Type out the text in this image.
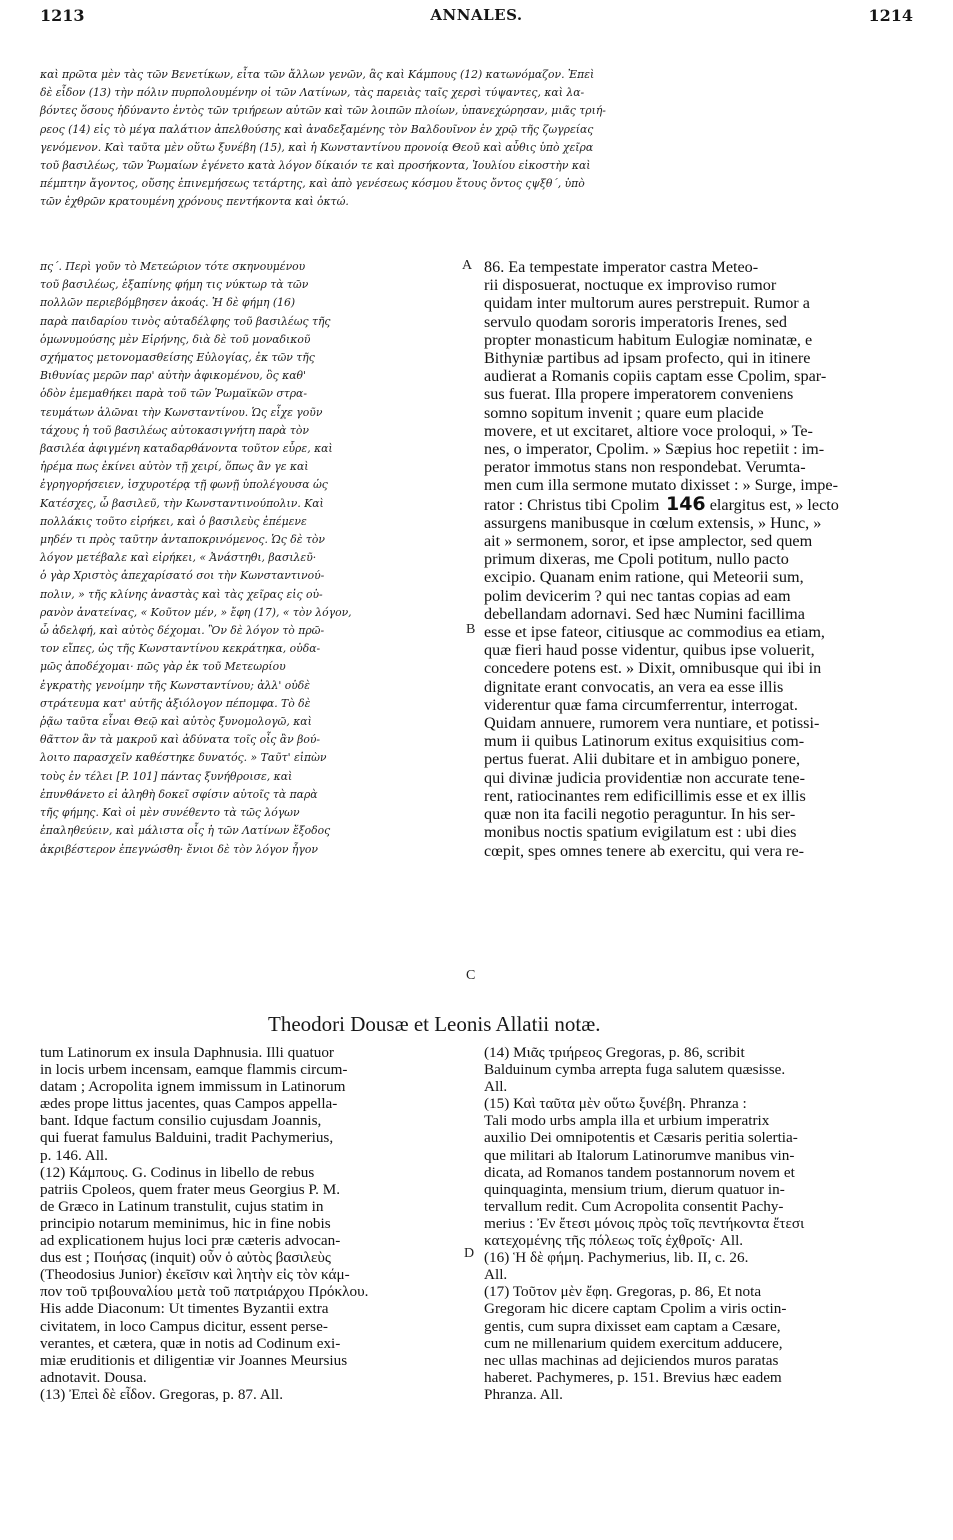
1213	ANNALES.	1214
καὶ πρῶτα μὲν τὰς τῶν Βενετίκων, εἶτα τῶν ἄλλων γενῶν, ἃς καὶ Κάμπους (12) κατωνόμαζον. Ἐπεὶ
δὲ εἶδον (13) τὴν πόλιν πυρπολουμένην οἱ τῶν Λατίνων, τὰς παρειὰς ταῖς χερσὶ τύψαντες, καὶ λα-
βόντες ὅσους ἠδύναντο ἐντὸς τῶν τριήρεων αὐτῶν καὶ τῶν λοιπῶν πλοίων, ὑπανεχώρησαν, μιᾶς τριή-
ρεος (14) εἰς τὸ μέγα παλάτιον ἀπελθούσης καὶ ἀναδεξαμένης τὸν Βαλδουῖνον ἐν χρῷ τῆς ζωγρείας
γενόμενον. Καὶ ταῦτα μὲν οὕτω ξυνέβη (15), καὶ ἡ Κωνσταντίνου προνοίᾳ Θεοῦ καὶ αὖθις ὑπὸ χεῖρα
τοῦ βασιλέως, τῶν Ῥωμαίων ἐγένετο κατὰ λόγον δίκαιόν τε καὶ προσήκοντα, Ἰουλίου εἰκοστὴν καὶ
πέμπτην ἄγοντος, οὔσης ἐπινεμήσεως τετάρτης, καὶ ἀπὸ γενέσεως κόσμου ἔτους ὄντος ςψξθ΄, ὑπὸ
τῶν ἐχθρῶν κρατουμένη χρόνους πεντήκοντα καὶ ὀκτώ.
πς΄. Περὶ γοῦν τὸ Μετεώριον τότε σκηνουμένου
τοῦ βασιλέως, ἐξαπίνης φήμη τις νύκτωρ τὰ τῶν
πολλῶν περιεβόμβησεν ἀκοάς. Ἡ δὲ φήμη (16)
παρὰ παιδαρίου τινὸς αὐταδέλφης τοῦ βασιλέως τῆς
ὁμωνυμούσης μὲν Εἰρήνης, διὰ δὲ τοῦ μοναδικοῦ
σχήματος μετονομασθείσης Εὐλογίας, ἐκ τῶν τῆς
Βιθυνίας μερῶν παρ' αὐτὴν ἀφικομένου, ὃς καθ'
ὁδὸν ἐμεμαθήκει παρὰ τοῦ τῶν Ῥωμαϊκῶν στρα-
τευμάτων ἁλῶναι τὴν Κωνσταντίνου. Ὡς εἶχε γοῦν
τάχους ἡ τοῦ βασιλέως αὐτοκασιγνήτη παρὰ τὸν
βασιλέα ἀφιγμένη καταδαρθάνοντα τοῦτον εὗρε, καὶ
ἠρέμα πως ἐκίνει αὐτὸν τῇ χειρί, ὅπως ἂν γε καὶ
ἐγρηγορήσειεν, ἰσχυροτέρᾳ τῇ φωνῇ ὑπολέγουσα ὡς
Κατέσχες, ὦ βασιλεῦ, τὴν Κωνσταντινούπολιν. Καὶ
πολλάκις τοῦτο εἰρήκει, καὶ ὁ βασιλεὺς ἐπέμενε
μηδέν τι πρὸς ταῦτην ἀνταποκρινόμενος. Ὡς δὲ τὸν
λόγον μετέβαλε καὶ εἰρήκει, « Ἀνάστηθι, βασιλεῦ·
ὁ γὰρ Χριστὸς ἀπεχαρίσατό σοι τὴν Κωνσταντινού-
πολιν, » τῆς κλίνης ἀναστὰς καὶ τὰς χεῖρας εἰς οὐ-
ρανὸν ἀνατείνας, « Κοῦτον μέν, » ἔφη (17), « τὸν λόγον,
ὦ ἀδελφή, καὶ αὐτὸς δέχομαι. Ὃν δὲ λόγον τὸ πρῶ-
τον εἴπες, ὡς τῆς Κωνσταντίνου κεκράτηκα, οὐδα-
μῶς ἀποδέχομαι· πῶς γὰρ ἐκ τοῦ Μετεωρίου
ἐγκρατὴς γενοίμην τῆς Κωνσταντίνου; ἀλλ' οὐδὲ
στράτευμα κατ' αὐτῆς ἀξιόλογον πέπομφα. Τὸ δὲ
ῥᾷω ταῦτα εἶναι Θεῷ καὶ αὐτὸς ξυνομολογῶ, καὶ
θᾶττον ἂν τὰ μακροῦ καὶ ἀδύνατα τοῖς οἷς ἂν βού-
λοιτο παρασχεῖν καθέστηκε δυνατός. » Ταῦτ' εἰπὼν
τοὺς ἐν τέλει [P. 101] πάντας ξυνήθροισε, καὶ
ἐπυνθάνετο εἰ ἀληθὴ δοκεῖ σφίσιν αὐτοῖς τὰ παρὰ
τῆς φήμης. Καὶ οἱ μὲν συνέθεντο τὰ τῶς λόγων
ἐπαληθεύειν, καὶ μάλιστα οἷς ἡ τῶν Λατίνων ἔξοδος
ἀκριβέστερον ἐπεγνώσθη· ἔνιοι δὲ τὸν λόγον ἦγον
86. Ea tempestate imperator castra Meteo-
rii disposuerat, noctuque ex improviso rumor
quidam inter multorum aures perstrepuit. Rumor a
servulo quodam sororis imperatoris Irenes, sed
propter monasticum habitum Eulogiæ nominatæ, e
Bithyniæ partibus ad ipsam profecto, qui in itinere
audierat a Romanis copiis captam esse Cpolim, spar-
sus fuerat. Illa propere imperatorem conveniens
somno sopitum invenit ; quare eum placide
movere, et ut excitaret, altiore voce proloqui, » Te-
nes, o imperator, Cpolim. » Sæpius hoc repetiit : im-
perator immotus stans non respondebat. Verumta-
men cum illa sermone mutato dixisset : » Surge, impe-
rator : Christus tibi Cpolim 146 elargitus est, » lecto
assurgens manibusque in cœlum extensis, » Hunc, »
ait » sermonem, soror, et ipse amplector, sed quem
primum dixeras, me Cpoli potitum, nullo pacto
excipio. Quanam enim ratione, qui Meteorii sum,
polim devicerim ? qui nec tantas copias ad eam
debellandam adornavi. Sed hæc Numini facillima
esse et ipse fateor, citiusque ac commodius ea etiam,
quæ fieri haud posse videntur, quibus ipse voluerit,
concedere potens est. » Dixit, omnibusque qui ibi in
dignitate erant convocatis, an vera ea esse illis
viderentur quæ fama circumferrentur, interrogat.
Quidam annuere, rumorem vera nuntiare, et potissi-
mum ii quibus Latinorum exitus exquisitius com-
pertus fuerat. Alii dubitare et in ambiguo ponere,
qui divinæ judicia providentiæ non accurate tene-
rent, ratiocinantes rem edificillimis esse et ex illis
quæ non ita facili negotio peraguntur. In his ser-
monibus noctis spatium evigilatum est : ubi dies
cœpit, spes omnes tenere ab exercitu, qui vera re-
A
B
C
D
Theodori Dousæ et Leonis Allatii notæ.
tum Latinorum ex insula Daphnusia. Illi quatuor
in locis urbem incensam, eamque flammis circum-
datam ; Acropolita ignem immissum in Latinorum
ædes prope littus jacentes, quas Campos appella-
bant. Idque factum consilio cujusdam Joannis,
qui fuerat famulus Balduini, tradit Pachymerius,
p. 146. All.
(12) Κάμπους. G. Codinus in libello de rebus
patriis Cpoleos, quem frater meus Georgius P. M.
de Græco in Latinum transtulit, cujus statim in
principio notarum meminimus, hic in fine nobis
ad explicationem hujus loci præ cæteris advocan-
dus est ; Ποιήσας (inquit) οὖν ὁ αὐτὸς βασιλεὺς
(Theodosius Junior) ἐκεῖσιν καὶ λητὴν εἰς τὸν κάμ-
πον τοῦ τριβουναλίου μετὰ τοῦ πατριάρχου Πρόκλου.
His adde Diaconum: Ut timentes Byzantii extra
civitatem, in loco Campus dicitur, essent perse-
verantes, et cætera, quæ in notis ad Codinum exi-
miæ eruditionis et diligentiæ vir Joannes Meursius
adnotavit. Dousa.
(13) Ἐπεὶ δὲ εἶδον. Gregoras, p. 87. All.
(14) Μιᾶς τριήρεος Gregoras, p. 86, scribit
Balduinum cymba arrepta fuga salutem quæsisse.
All.
(15) Καὶ ταῦτα μὲν οὕτω ξυνέβη. Phranza :
Tali modo urbs ampla illa et urbium imperatrix
auxilio Dei omnipotentis et Cæsaris peritia solertia-
que militari ab Italorum Latinorumve manibus vin-
dicata, ad Romanos tandem postannorum novem et
quinquaginta, mensium trium, dierum quatuor in-
tervallum redit. Cum Acropolita consentit Pachy-
merius : Ἐν ἔτεσι μόνοις πρὸς τοῖς πεντήκοντα ἔτεσι
κατεχομένης τῆς πόλεως τοῖς ἐχθροῖς· All.
(16) Ἡ δὲ φήμη. Pachymerius, lib. II, c. 26.
All.
(17) Τοῦτον μὲν ἔφη. Gregoras, p. 86, Et nota
Gregoram hic dicere captam Cpolim a viris octin-
gentis, cum supra dixisset eam captam a Cæsare,
cum ne millenarium quidem exercitum adducere,
nec ullas machinas ad dejiciendos muros paratas
haberet. Pachymeres, p. 151. Brevius hæc eadem
Phranza. All.
